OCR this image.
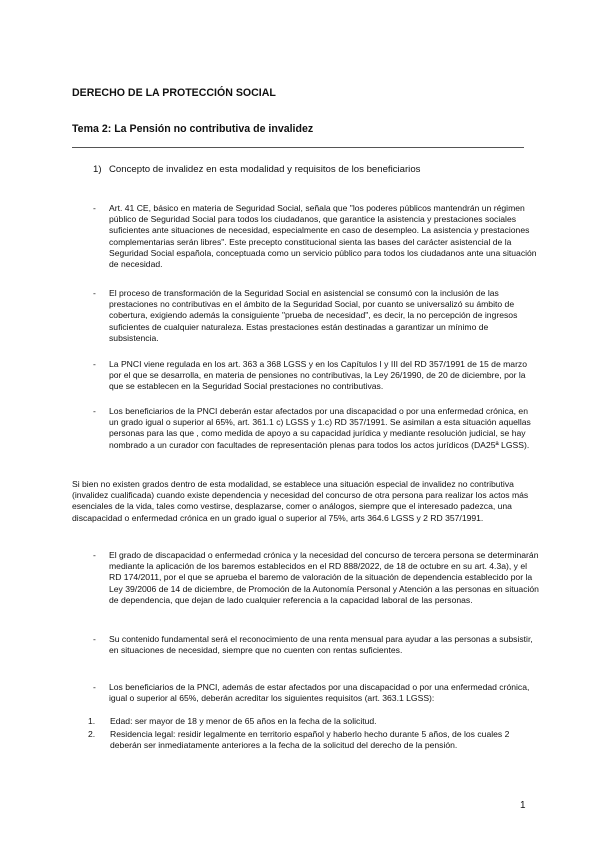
DERECHO DE LA PROTECCIÓN SOCIAL
Tema 2: La Pensión no contributiva de invalidez
1) Concepto de invalidez en esta modalidad y requisitos de los beneficiarios
- Art. 41 CE, básico en materia de Seguridad Social, señala que "los poderes públicos mantendrán un régimen público de Seguridad Social para todos los ciudadanos, que garantice la asistencia y prestaciones sociales suficientes ante situaciones de necesidad, especialmente en caso de desempleo. La asistencia y prestaciones complementarias serán libres". Este precepto constitucional sienta las bases del carácter asistencial de la Seguridad Social española, conceptuada como un servicio público para todos los ciudadanos ante una situación de necesidad.
- El proceso de transformación de la Seguridad Social en asistencial se consumó con la inclusión de las prestaciones no contributivas en el ámbito de la Seguridad Social, por cuanto se universalizó su ámbito de cobertura, exigiendo además la consiguiente "prueba de necesidad", es decir, la no percepción de ingresos suficientes de cualquier naturaleza. Estas prestaciones están destinadas a garantizar un mínimo de subsistencia.
- La PNCI viene regulada en los art. 363 a 368 LGSS y en los Capítulos I y III del RD 357/1991 de 15 de marzo por el que se desarrolla, en materia de pensiones no contributivas, la Ley 26/1990, de 20 de diciembre, por la que se establecen en la Seguridad Social prestaciones no contributivas.
- Los beneficiarios de la PNCI deberán estar afectados por una discapacidad o por una enfermedad crónica, en un grado igual o superior al 65%, art. 361.1 c) LGSS y 1.c) RD 357/1991. Se asimilan a esta situación aquellas personas para las que , como medida de apoyo a su capacidad jurídica y mediante resolución judicial, se hay nombrado a un curador con facultades de representación plenas para todos los actos jurídicos (DA25ª LGSS).
Si bien no existen grados dentro de esta modalidad, se establece una situación especial de invalidez no contributiva (invalidez cualificada) cuando existe dependencia y necesidad del concurso de otra persona para realizar los actos más esenciales de la vida, tales como vestirse, desplazarse, comer o análogos, siempre que el interesado padezca, una discapacidad o enfermedad crónica en un grado igual o superior al 75%, arts 364.6 LGSS y 2 RD 357/1991.
- El grado de discapacidad o enfermedad crónica y la necesidad del concurso de tercera persona se determinarán mediante la aplicación de los baremos establecidos en el RD 888/2022, de 18 de octubre en su art. 4.3a), y el RD 174/2011, por el que se aprueba el baremo de valoración de la situación de dependencia establecido por la Ley 39/2006 de 14 de diciembre, de Promoción de la Autonomía Personal y Atención a las personas en situación de dependencia, que dejan de lado cualquier referencia a la capacidad laboral de las personas.
- Su contenido fundamental será el reconocimiento de una renta mensual para ayudar a las personas a subsistir, en situaciones de necesidad, siempre que no cuenten con rentas suficientes.
- Los beneficiarios de la PNCI, además de estar afectados por una discapacidad o por una enfermedad crónica, igual o superior al 65%, deberán acreditar los siguientes requisitos (art. 363.1 LGSS):
1. Edad: ser mayor de 18 y menor de 65 años en la fecha de la solicitud.
2. Residencia legal: residir legalmente en territorio español y haberlo hecho durante 5 años, de los cuales 2 deberán ser inmediatamente anteriores a la fecha de la solicitud del derecho de la pensión.
1
